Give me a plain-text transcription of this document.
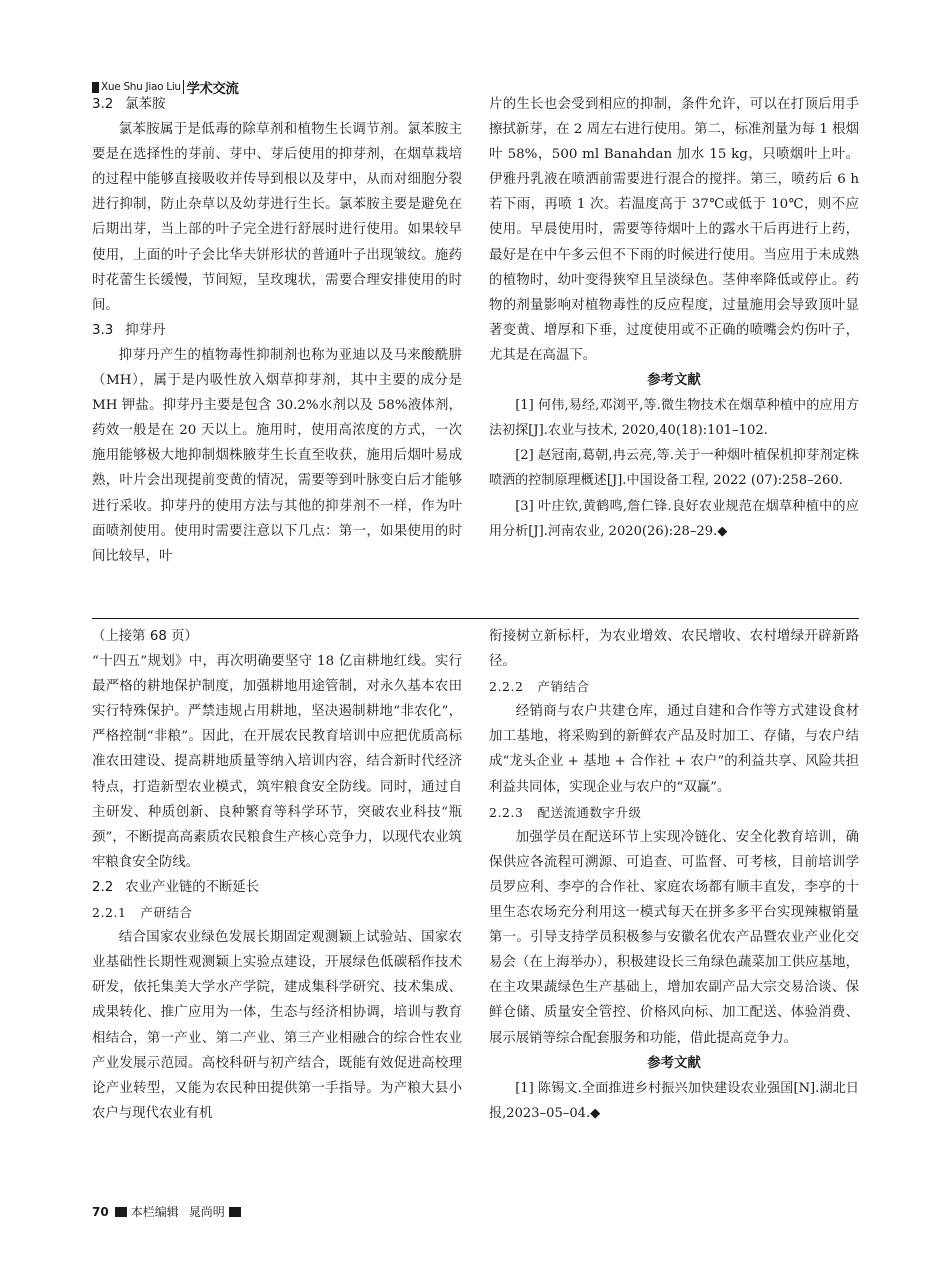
Xue Shu Jiao Liu 学术交流
3.2 氯苯胺

氯苯胺属于是低毒的除草剂和植物生长调节剂。氯苯胺主要是在选择性的芽前、芽中、芽后使用的抑芽剂，在烟草栽培的过程中能够直接吸收并传导到根以及芽中，从而对细胞分裂进行抑制，防止杂草以及幼芽进行生长。氯苯胺主要是避免在后期出芽，当上部的叶子完全进行舒展时进行使用。如果较早使用，上面的叶子会比华夫饼形状的普通叶子出现皱纹。施药时花蕾生长缓慢，节间短，呈玫瑰状，需要合理安排使用的时间。

3.3 抑芽丹

抑芽丹产生的植物毒性抑制剂也称为亚迪以及马来酸酰肼（MH），属于是内吸性放入烟草抑芽剂，其中主要的成分是 MH 钾盐。抑芽丹主要是包含 30.2%水剂以及 58%液体剂，药效一般是在 20 天以上。施用时，使用高浓度的方式，一次施用能够极大地抑制烟株腋芽生长直至收获，施用后烟叶易成熟，叶片会出现提前变黄的情况，需要等到叶脉变白后才能够进行采收。抑芽丹的使用方法与其他的抑芽剂不一样，作为叶面喷剂使用。使用时需要注意以下几点：第一，如果使用的时间比较早，叶

片的生长也会受到相应的抑制，条件允许，可以在打顶后用手擦拭新芽，在 2 周左右进行使用。第二，标准剂量为每 1 根烟叶 58%，500 ml Banahdan 加水 15 kg，只喷烟叶上叶。伊雅丹乳液在喷洒前需要进行混合的搅拌。第三，喷药后 6 h 若下雨，再喷 1 次。若温度高于 37℃或低于 10℃，则不应使用。早晨使用时，需要等待烟叶上的露水干后再进行上药，最好是在中午多云但不下雨的时候进行使用。当应用于未成熟的植物时，幼叶变得狭窄且呈淡绿色。茎伸率降低或停止。药物的剂量影响对植物毒性的反应程度，过量施用会导致顶叶显著变黄、增厚和下垂，过度使用或不正确的喷嘴会灼伤叶子，尤其是在高温下。

参考文献

[1] 何伟,易经,邓浏平,等.微生物技术在烟草种植中的应用方法初探[J].农业与技术, 2020,40(18):101–102.

[2] 赵冠南,葛朝,冉云亮,等.关于一种烟叶植保机抑芽剂定株喷洒的控制原理概述[J].中国设备工程, 2022 (07):258–260.

[3] 叶庄钦,黄鹤鸣,詹仁锋.良好农业规范在烟草种植中的应用分析[J].河南农业, 2020(26):28–29.◆

（上接第 68 页）

“十四五”规划》中，再次明确要坚守 18 亿亩耕地红线。实行最严格的耕地保护制度，加强耕地用途管制，对永久基本农田实行特殊保护。严禁违规占用耕地，坚决遏制耕地“非农化”，严格控制“非粮”。因此，在开展农民教育培训中应把优质高标准农田建设、提高耕地质量等纳入培训内容，结合新时代经济特点，打造新型农业模式，筑牢粮食安全防线。同时，通过自主研发、种质创新、良种繁育等科学环节，突破农业科技“瓶颈”，不断提高高素质农民粮食生产核心竞争力，以现代农业筑牢粮食安全防线。

2.2 农业产业链的不断延长
2.2.1 产研结合

结合国家农业绿色发展长期固定观测颖上试验站、国家农业基础性长期性观测颖上实验点建设，开展绿色低碳稻作技术研发，依托集美大学水产学院，建成集科学研究、技术集成、成果转化、推广应用为一体，生态与经济相协调，培训与教育相结合，第一产业、第二产业、第三产业相融合的综合性农业产业发展示范园。高校科研与初产结合，既能有效促进高校理论产业转型，又能为农民种田提供第一手指导。为产粮大县小农户与现代农业有机

衔接树立新标杆，为农业增效、农民增收、农村增绿开辟新路径。

2.2.2 产销结合

经销商与农户共建仓库，通过自建和合作等方式建设食材加工基地，将采购到的新鲜农产品及时加工、存储，与农户结成“龙头企业 + 基地 + 合作社 + 农户”的利益共享、风险共担利益共同体，实现企业与农户的“双赢”。

2.2.3 配送流通数字升级

加强学员在配送环节上实现冷链化、安全化教育培训，确保供应各流程可溯源、可追查、可监督、可考核，目前培训学员罗应利、李亭的合作社、家庭农场都有顺丰直发，李亭的十里生态农场充分利用这一模式每天在拼多多平台实现辣椒销量第一。引导支持学员积极参与安徽名优农产品暨农业产业化交易会（在上海举办），积极建设长三角绿色蔬菜加工供应基地，在主攻果蔬绿色生产基础上，增加农副产品大宗交易洽谈、保鲜仓储、质量安全管控、价格风向标、加工配送、体验消费、展示展销等综合配套服务和功能，借此提高竞争力。

参考文献

[1] 陈锡文.全面推进乡村振兴加快建设农业强国[N].湖北日报,2023–05–04.◆

70 本栏编辑 晁尚明
